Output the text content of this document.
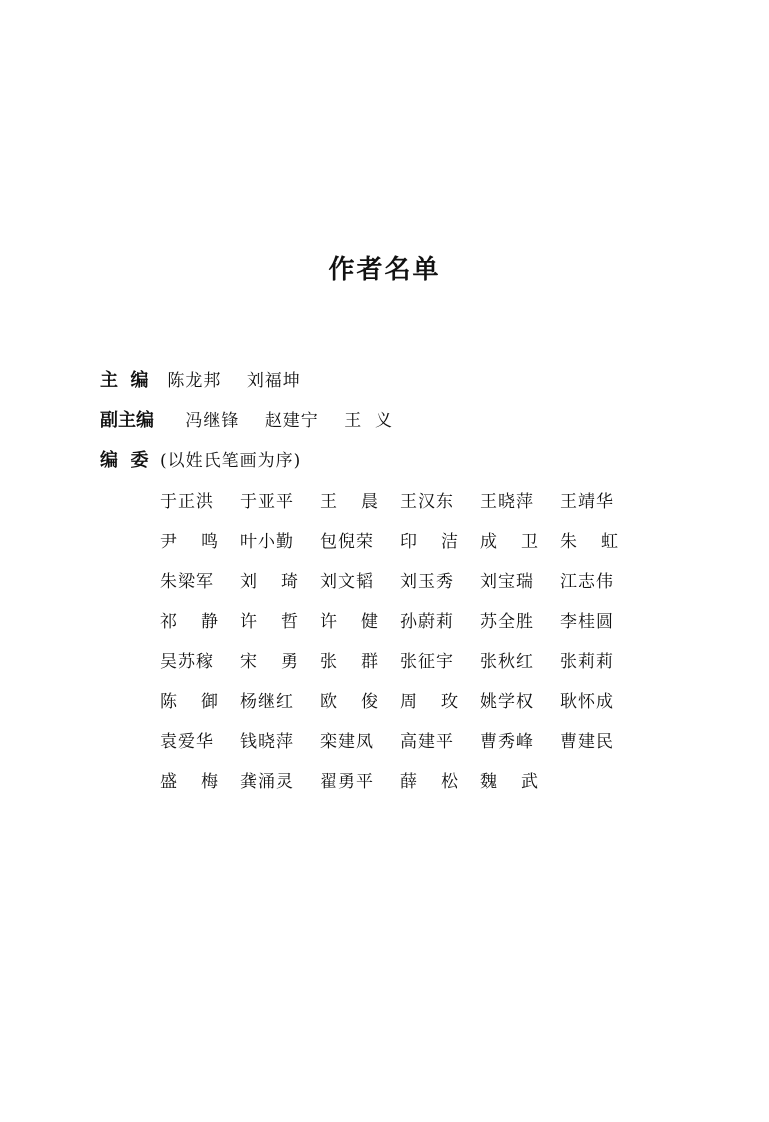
作者名单
主  编 陈龙邦 刘福坤
副主编 冯继锋 赵建宁 王  义
编  委 (以姓氏笔画为序)
于正洪 于亚平 王 晨 王汉东 王晓萍 王靖华
尹 鸣 叶小勤 包倪荣 印 洁 成 卫 朱 虹
朱梁军 刘 琦 刘文韬 刘玉秀 刘宝瑞 江志伟
祁 静 许 哲 许 健 孙蔚莉 苏全胜 李桂圆
吴苏稼 宋 勇 张 群 张征宇 张秋红 张莉莉
陈 御 杨继红 欧 俊 周 玫 姚学权 耿怀成
袁爱华 钱晓萍 栾建凤 高建平 曹秀峰 曹建民
盛 梅 龚涌灵 翟勇平 薛 松 魏 武
